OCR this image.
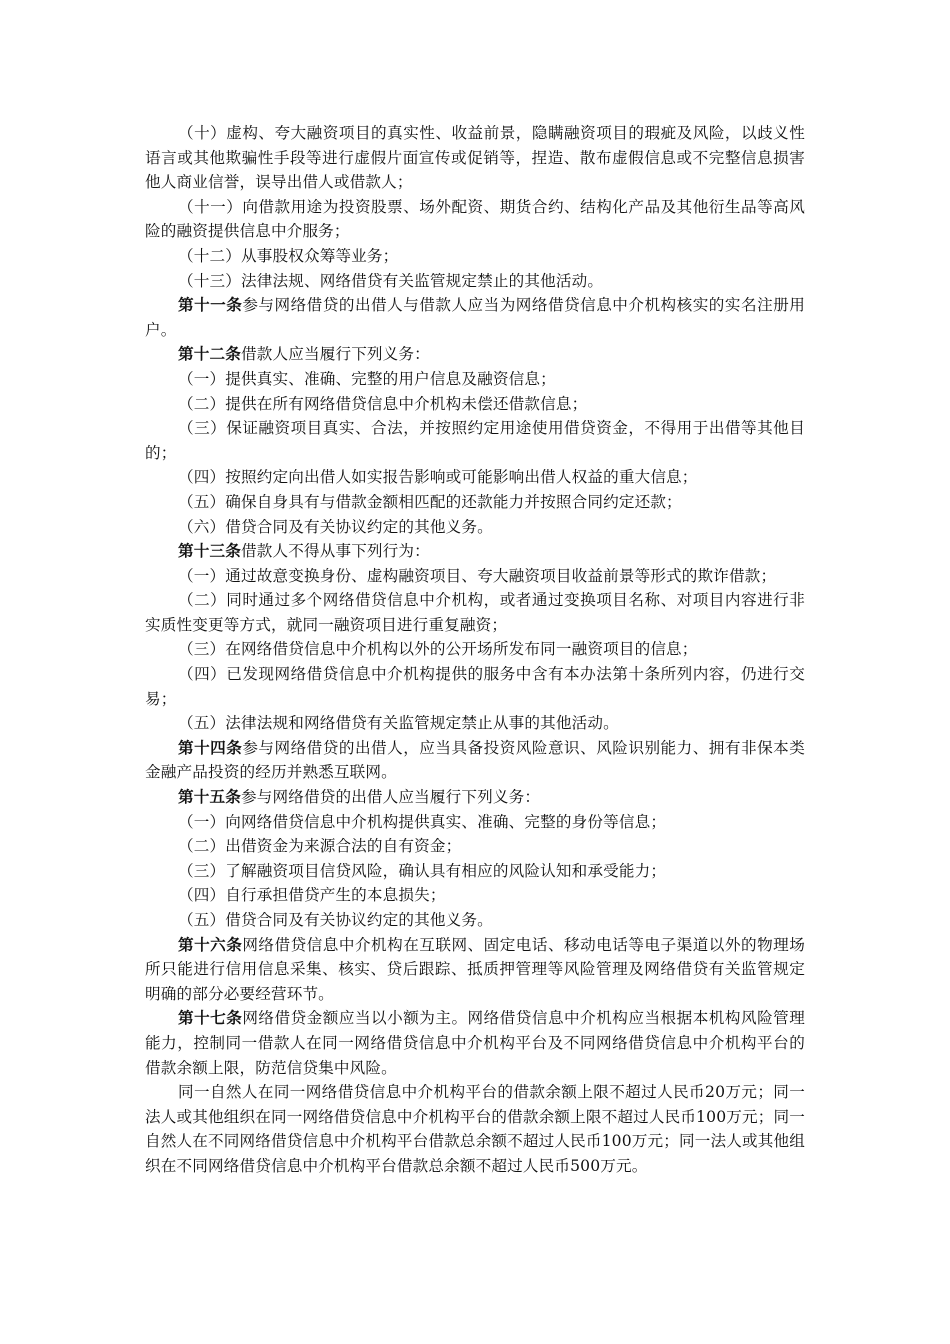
（十）虚构、夸大融资项目的真实性、收益前景，隐瞒融资项目的瑕疵及风险，以歧义性语言或其他欺骗性手段等进行虚假片面宣传或促销等，捏造、散布虚假信息或不完整信息损害他人商业信誉，误导出借人或借款人；

（十一）向借款用途为投资股票、场外配资、期货合约、结构化产品及其他衍生品等高风险的融资提供信息中介服务；

（十二）从事股权众筹等业务；

（十三）法律法规、网络借贷有关监管规定禁止的其他活动。

第十一条参与网络借贷的出借人与借款人应当为网络借贷信息中介机构核实的实名注册用户。

第十二条借款人应当履行下列义务：

（一）提供真实、准确、完整的用户信息及融资信息；

（二）提供在所有网络借贷信息中介机构未偿还借款信息；

（三）保证融资项目真实、合法，并按照约定用途使用借贷资金，不得用于出借等其他目的；

（四）按照约定向出借人如实报告影响或可能影响出借人权益的重大信息；

（五）确保自身具有与借款金额相匹配的还款能力并按照合同约定还款；

（六）借贷合同及有关协议约定的其他义务。

第十三条借款人不得从事下列行为：

（一）通过故意变换身份、虚构融资项目、夸大融资项目收益前景等形式的欺诈借款；

（二）同时通过多个网络借贷信息中介机构，或者通过变换项目名称、对项目内容进行非实质性变更等方式，就同一融资项目进行重复融资；

（三）在网络借贷信息中介机构以外的公开场所发布同一融资项目的信息；

（四）已发现网络借贷信息中介机构提供的服务中含有本办法第十条所列内容，仍进行交易；

（五）法律法规和网络借贷有关监管规定禁止从事的其他活动。

第十四条参与网络借贷的出借人，应当具备投资风险意识、风险识别能力、拥有非保本类金融产品投资的经历并熟悉互联网。

第十五条参与网络借贷的出借人应当履行下列义务：

（一）向网络借贷信息中介机构提供真实、准确、完整的身份等信息；

（二）出借资金为来源合法的自有资金；

（三）了解融资项目信贷风险，确认具有相应的风险认知和承受能力；

（四）自行承担借贷产生的本息损失；

（五）借贷合同及有关协议约定的其他义务。

第十六条网络借贷信息中介机构在互联网、固定电话、移动电话等电子渠道以外的物理场所只能进行信用信息采集、核实、贷后跟踪、抵质押管理等风险管理及网络借贷有关监管规定明确的部分必要经营环节。

第十七条网络借贷金额应当以小额为主。网络借贷信息中介机构应当根据本机构风险管理能力，控制同一借款人在同一网络借贷信息中介机构平台及不同网络借贷信息中介机构平台的借款余额上限，防范信贷集中风险。

同一自然人在同一网络借贷信息中介机构平台的借款余额上限不超过人民币20万元；同一法人或其他组织在同一网络借贷信息中介机构平台的借款余额上限不超过人民币100万元；同一自然人在不同网络借贷信息中介机构平台借款总余额不超过人民币100万元；同一法人或其他组织在不同网络借贷信息中介机构平台借款总余额不超过人民币500万元。
